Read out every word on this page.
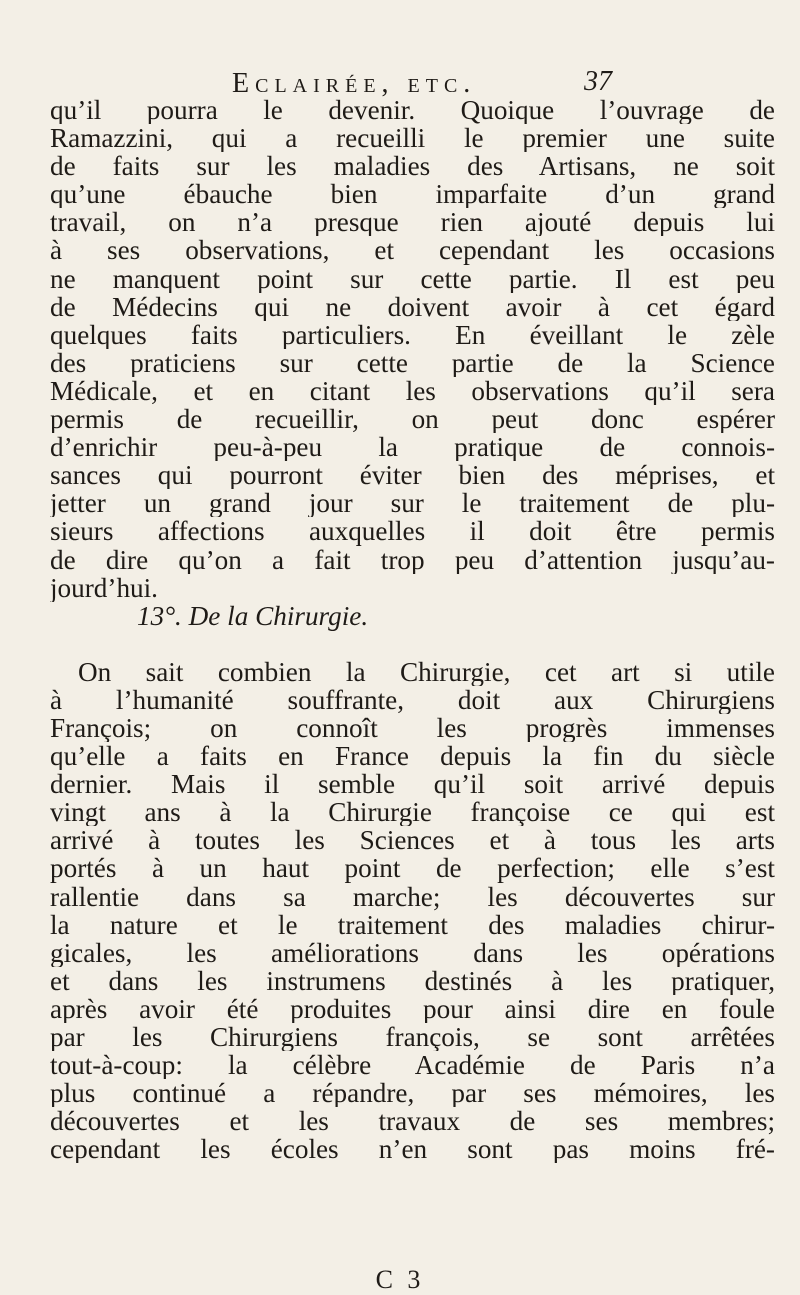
Eclairée, etc.	37
qu’il pourra le devenir. Quoique l’ouvrage de
Ramazzini, qui a recueilli le premier une suite
de faits sur les maladies des Artisans, ne soit
qu’une ébauche bien imparfaite d’un grand
travail, on n’a presque rien ajouté depuis lui
à ses observations, et cependant les occasions
ne manquent point sur cette partie. Il est peu
de Médecins qui ne doivent avoir à cet égard
quelques faits particuliers. En éveillant le zèle
des praticiens sur cette partie de la Science
Médicale, et en citant les observations qu’il sera
permis de recueillir, on peut donc espérer
d’enrichir peu-à-peu la pratique de connois-
sances qui pourront éviter bien des méprises, et
jetter un grand jour sur le traitement de plu-
sieurs affections auxquelles il doit être permis
de dire qu’on a fait trop peu d’attention jusqu’au-
jourd’hui.
13°. De la Chirurgie.
On sait combien la Chirurgie, cet art si utile
à l’humanité souffrante, doit aux Chirurgiens
François; on connoît les progrès immenses
qu’elle a faits en France depuis la fin du siècle
dernier. Mais il semble qu’il soit arrivé depuis
vingt ans à la Chirurgie françoise ce qui est
arrivé à toutes les Sciences et à tous les arts
portés à un haut point de perfection; elle s’est
rallentie dans sa marche; les découvertes sur
la nature et le traitement des maladies chirur-
gicales, les améliorations dans les opérations
et dans les instrumens destinés à les pratiquer,
après avoir été produites pour ainsi dire en foule
par les Chirurgiens françois, se sont arrêtées
tout-à-coup: la célèbre Académie de Paris n’a
plus continué a répandre, par ses mémoires, les
découvertes et les travaux de ses membres;
cependant les écoles n’en sont pas moins fré-
C 3
